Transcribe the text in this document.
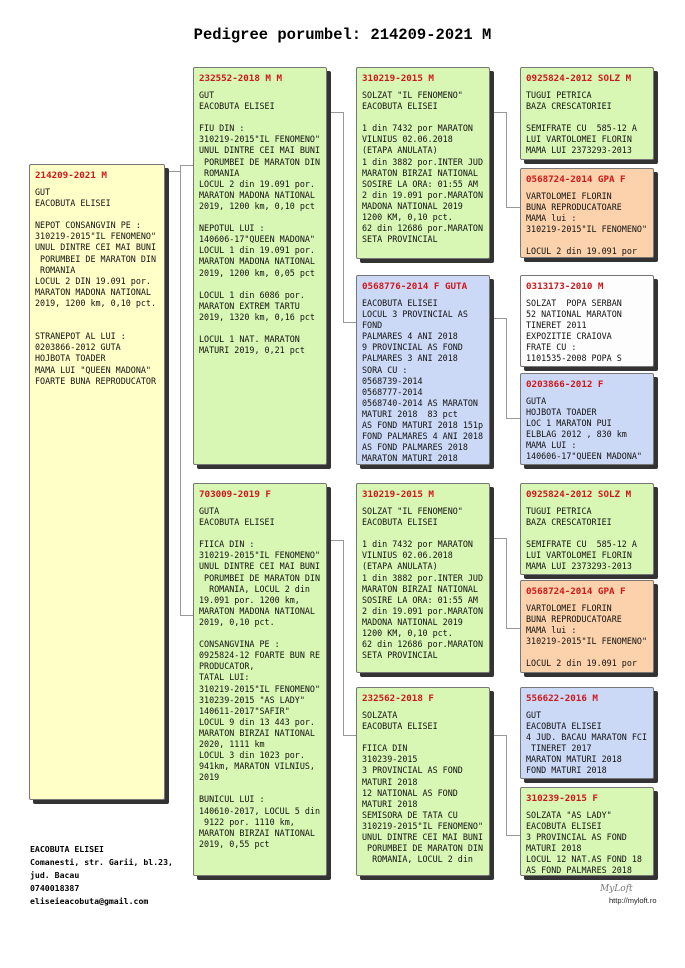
Pedigree porumbel: 214209-2021 M
214209-2021 M
GUT
EACOBUTA ELISEI

NEPOT CONSANGVIN PE :
310219-2015"IL FENOMENO"
UNUL DINTRE CEI MAI BUNI
PORUMBEI DE MARATON DIN
ROMANIA
LOCUL 2 DIN 19.091 por.
MARATON MADONA NATIONAL
2019, 1200 km, 0,10 pct.

STRANEPOT AL LUI :
0203866-2012 GUTA
HOJBOTA TOADER
MAMA LUI "QUEEN MADONA"
FOARTE BUNA REPRODUCATOR
232552-2018 M M
GUT
EACOBUTA ELISEI

FIU DIN :
310219-2015"IL FENOMENO"
UNUL DINTRE CEI MAI BUNI
PORUMBEI DE MARATON DIN
ROMANIA
LOCUL 2 din 19.091 por.
MARATON MADONA NATIONAL
2019, 1200 km, 0,10 pct

NEPOTUL LUI :
140606-17"QUEEN MADONA"
LOCUL 1 din 19.091 por.
MARATON MADONA NATIONAL
2019, 1200 km, 0,05 pct

LOCUL 1 din 6086 por.
MARATON EXTREM TARTU
2019, 1320 km, 0,16 pct

LOCUL 1 NAT. MARATON
MATURI 2019, 0,21 pct
703009-2019 F
GUTA
EACOBUTA ELISEI

FIICA DIN :
310219-2015"IL FENOMENO"
UNUL DINTRE CEI MAI BUNI
PORUMBEI DE MARATON DIN
ROMANIA, LOCUL 2 din
19.091 por. 1200 km,
MARATON MADONA NATIONAL
2019, 0,10 pct.

CONSANGVINA PE :
0925824-12 FOARTE BUN RE
PRODUCATOR,
TATAL LUI:
310219-2015"IL FENOMENO"
310239-2015 "AS LADY"
140611-2017"SAFIR"
LOCUL 9 din 13 443 por.
MARATON BIRZAI NATIONAL
2020, 1111 km
LOCUL 3 din 1023 por.
941km, MARATON VILNIUS,
2019

BUNICUL LUI :
140610-2017, LOCUL 5 din
9122 por. 1110 km,
MARATON BIRZAI NATIONAL
2019, 0,55 pct
310219-2015 M
SOLZAT "IL FENOMENO"
EACOBUTA ELISEI

1 din 7432 por MARATON
VILNIUS 02.06.2018
(ETAPA ANULATA)
1 din 3882 por.INTER JUD
MARATON BIRZAI NATIONAL
SOSIRE LA ORA: 01:55 AM
2 din 19.091 por.MARATON
MADONA NATIONAL 2019
1200 KM, 0,10 pct.
62 din 12686 por.MARATON
SETA PROVINCIAL
0568776-2014 F GUTA
EACOBUTA ELISEI
LOCUL 3 PROVINCIAL AS FOND
PALMARES 4 ANI 2018
9 PROVINCIAL AS FOND
PALMARES 3 ANI 2018
SORA CU :
0568739-2014
0568777-2014
0568740-2014 AS MARATON
MATURI 2018  83 pct
AS FOND MATURI 2018 151p
FOND PALMARES 4 ANI 2018
AS FOND PALMARES 2018
MARATON MATURI 2018
310219-2015 M
SOLZAT "IL FENOMENO"
EACOBUTA ELISEI

1 din 7432 por MARATON
VILNIUS 02.06.2018
(ETAPA ANULATA)
1 din 3882 por.INTER JUD
MARATON BIRZAI NATIONAL
SOSIRE LA ORA: 01:55 AM
2 din 19.091 por.MARATON
MADONA NATIONAL 2019
1200 KM, 0,10 pct.
62 din 12686 por.MARATON
SETA PROVINCIAL
232562-2018 F
SOLZATA
EACOBUTA ELISEI

FIICA DIN
310239-2015
3 PROVINCIAL AS FOND
MATURI 2018
12 NATIONAL AS FOND
MATURI 2018
SEMISORA DE TATA CU
310219-2015"IL FENOMENO"
UNUL DINTRE CEI MAI BUNI
PORUMBEI DE MARATON DIN
ROMANIA, LOCUL 2 din
0925824-2012 SOLZ M
TUGUI PETRICA
BAZA CRESCATORIEI

SEMIFRATE CU  585-12 A
LUI VARTOLOMEI FLORIN
MAMA LUI 2373293-2013
0568724-2014 GPA F
VARTOLOMEI FLORIN
BUNA REPRODUCATOARE
MAMA lui :
310219-2015"IL FENOMENO"

LOCUL 2 din 19.091 por
0313173-2010 M
SOLZAT  POPA SERBAN
52 NATIONAL MARATON
TINERET 2011
EXPOZITIE CRAIOVA
FRATE CU :
1101535-2008 POPA S
0203866-2012 F
GUTA
HOJBOTA TOADER
LOC 1 MARATON PUI
ELBLAG 2012 , 830 km
MAMA LUI :
140606-17"QUEEN MADONA"
0925824-2012 SOLZ M
TUGUI PETRICA
BAZA CRESCATORIEI

SEMIFRATE CU  585-12 A
LUI VARTOLOMEI FLORIN
MAMA LUI 2373293-2013
0568724-2014 GPA F
VARTOLOMEI FLORIN
BUNA REPRODUCATOARE
MAMA lui :
310219-2015"IL FENOMENO"

LOCUL 2 din 19.091 por
556622-2016 M
GUT
EACOBUTA ELISEI
4 JUD. BACAU MARATON FCI
TINERET 2017
MARATON MATURI 2018
FOND MATURI 2018
310239-2015 F
SOLZATA "AS LADY"
EACOBUTA ELISEI
3 PROVINCIAL AS FOND
MATURI 2018
LOCUL 12 NAT.AS FOND 18
AS FOND PALMARES 2018
EACOBUTA ELISEI
Comanesti, str. Garii, bl.23,
jud. Bacau
0740018387
eliseieacobuta@gmail.com
MyLoft
http://myloft.ro
